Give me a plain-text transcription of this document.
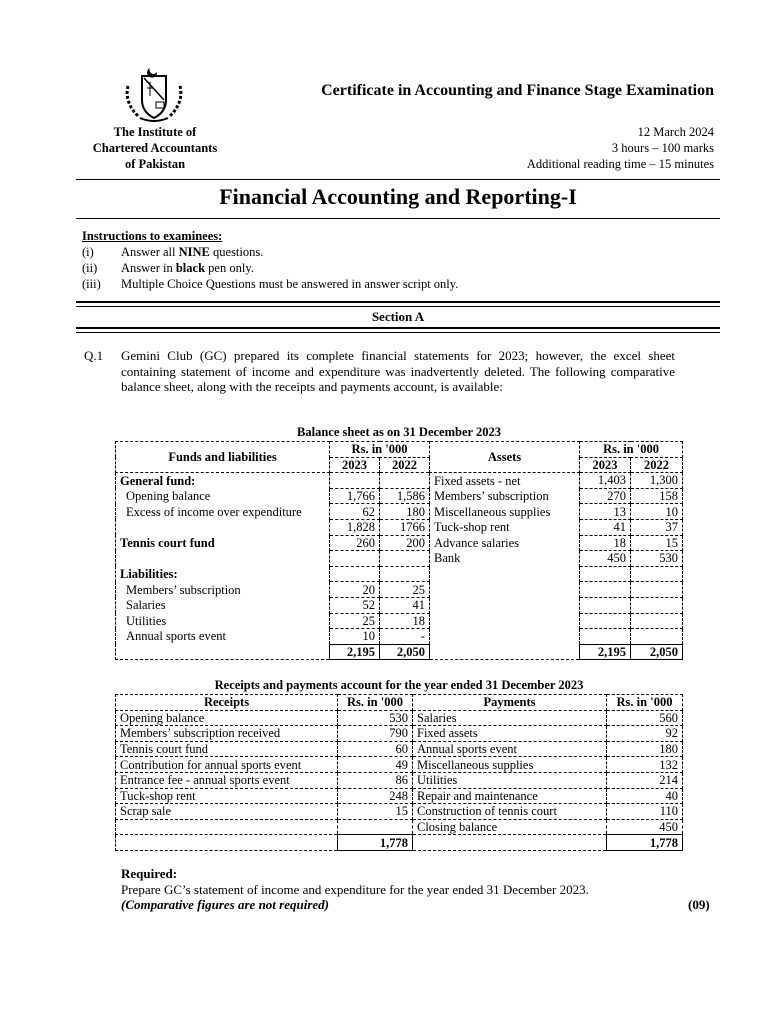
Certificate in Accounting and Finance Stage Examination
The Institute of
Chartered Accountants
of Pakistan
12 March 2024
3 hours – 100 marks
Additional reading time – 15 minutes
Financial Accounting and Reporting-I
Instructions to examinees:
(i)	Answer all NINE questions.
(ii)	Answer in black pen only.
(iii)	Multiple Choice Questions must be answered in answer script only.
Section A
Q.1 Gemini Club (GC) prepared its complete financial statements for 2023; however, the excel sheet containing statement of income and expenditure was inadvertently deleted. The following comparative balance sheet, along with the receipts and payments account, is available:
Balance sheet as on 31 December 2023
Funds and liabilities	Rs. in '000		Assets	Rs. in '000	
	2023	2022		2023	2022
General fund:			Fixed assets - net	1,403	1,300
Opening balance	1,766	1,586	Members’ subscription	270	158
Excess of income over expenditure	62	180	Miscellaneous supplies	13	10
	1,828	1766	Tuck-shop rent	41	37
Tennis court fund	260	200	Advance salaries	18	15
			Bank	450	530
Liabilities:					
Members’ subscription	20	25			
Salaries	52	41			
Utilities	25	18			
Annual sports event	10	-			
	2,195	2,050		2,195	2,050
Receipts and payments account for the year ended 31 December 2023
Receipts	Rs. in '000	Payments	Rs. in '000
Opening balance	530	Salaries	560
Members’ subscription received	790	Fixed assets	92
Tennis court fund	60	Annual sports event	180
Contribution for annual sports event	49	Miscellaneous supplies	132
Entrance fee - annual sports event	86	Utilities	214
Tuck-shop rent	248	Repair and maintenance	40
Scrap sale	15	Construction of tennis court	110
		Closing balance	450
	1,778		1,778
Required:
Prepare GC’s statement of income and expenditure for the year ended 31 December 2023.
(Comparative figures are not required)	(09)
